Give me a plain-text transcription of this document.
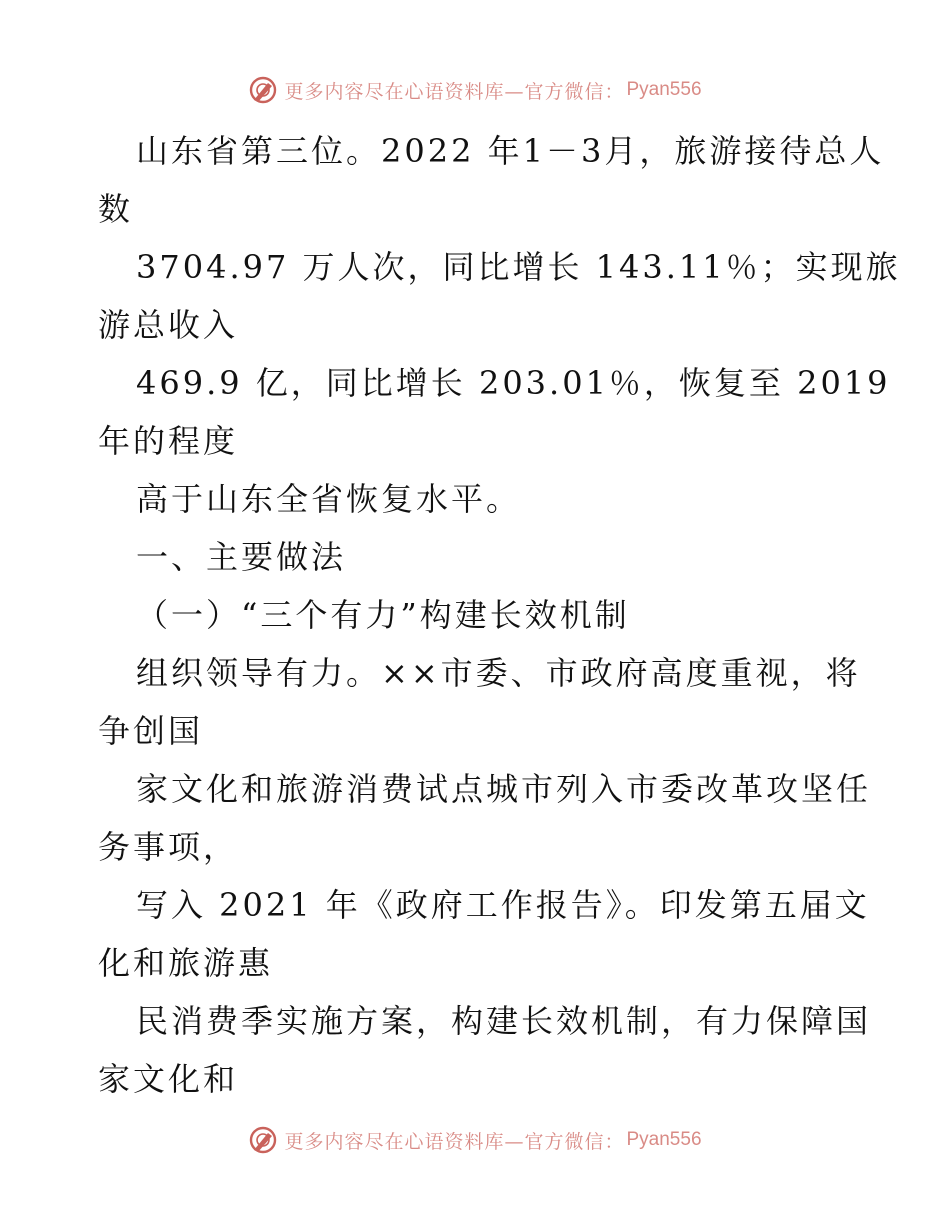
更多内容尽在心语资料库—官方微信： Pyan556
山东省第三位。2022 年1－3月，旅游接待总人
数
3704.97 万人次，同比增长 143.11％；实现旅
游总收入
469.9 亿，同比增长 203.01％，恢复至 2019
年的程度
高于山东全省恢复水平。
一、主要做法
（一）“三个有力”构建长效机制
组织领导有力。××市委、市政府高度重视，将
争创国
家文化和旅游消费试点城市列入市委改革攻坚任
务事项，
写入 2021 年《政府工作报告》。印发第五届文
化和旅游惠
民消费季实施方案，构建长效机制，有力保障国
家文化和
更多内容尽在心语资料库—官方微信： Pyan556
